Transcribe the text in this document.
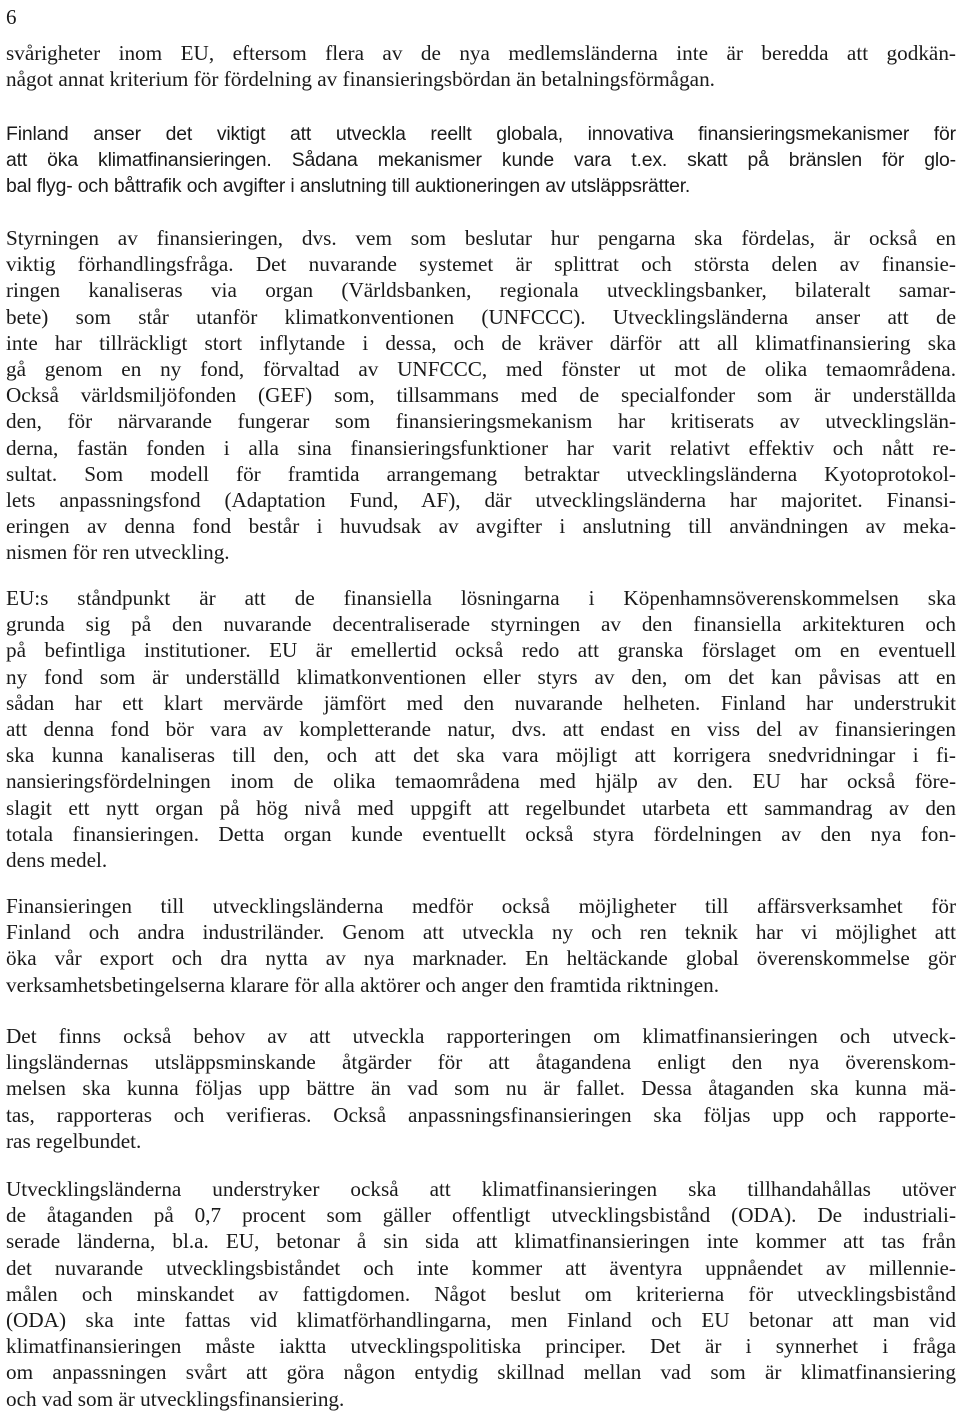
6

svårigheter inom EU, eftersom flera av de nya medlemsländerna inte är beredda att godkän-
något annat kriterium för fördelning av finansieringsbördan än betalningsförmågan.

Finland anser det viktigt att utveckla reellt globala, innovativa finansieringsmekanismer för
att öka klimatfinansieringen. Sådana mekanismer kunde vara t.ex. skatt på bränslen för glo-
bal flyg- och båttrafik och avgifter i anslutning till auktioneringen av utsläppsrätter.

Styrningen av finansieringen, dvs. vem som beslutar hur pengarna ska fördelas, är också en
viktig förhandlingsfråga. Det nuvarande systemet är splittrat och största delen av finansie-
ringen kanaliseras via organ (Världsbanken, regionala utvecklingsbanker, bilateralt samar-
bete) som står utanför klimatkonventionen (UNFCCC). Utvecklingsländerna anser att de
inte har tillräckligt stort inflytande i dessa, och de kräver därför att all klimatfinansiering ska
gå genom en ny fond, förvaltad av UNFCCC, med fönster ut mot de olika temaområdena.
Också världsmiljöfonden (GEF) som, tillsammans med de specialfonder som är underställda
den, för närvarande fungerar som finansieringsmekanism har kritiserats av utvecklingslän-
derna, fastän fonden i alla sina finansieringsfunktioner har varit relativt effektiv och nått re-
sultat. Som modell för framtida arrangemang betraktar utvecklingsländerna Kyotoprotokol-
lets anpassningsfond (Adaptation Fund, AF), där utvecklingsländerna har majoritet. Finansi-
eringen av denna fond består i huvudsak av avgifter i anslutning till användningen av meka-
nismen för ren utveckling.

EU:s ståndpunkt är att de finansiella lösningarna i Köpenhamnsöverenskommelsen ska
grunda sig på den nuvarande decentraliserade styrningen av den finansiella arkitekturen och
på befintliga institutioner. EU är emellertid också redo att granska förslaget om en eventuell
ny fond som är underställd klimatkonventionen eller styrs av den, om det kan påvisas att en
sådan har ett klart mervärde jämfört med den nuvarande helheten. Finland har understrukit
att denna fond bör vara av kompletterande natur, dvs. att endast en viss del av finansieringen
ska kunna kanaliseras till den, och att det ska vara möjligt att korrigera snedvridningar i fi-
nansieringsfördelningen inom de olika temaområdena med hjälp av den. EU har också före-
slagit ett nytt organ på hög nivå med uppgift att regelbundet utarbeta ett sammandrag av den
totala finansieringen. Detta organ kunde eventuellt också styra fördelningen av den nya fon-
dens medel.

Finansieringen till utvecklingsländerna medför också möjligheter till affärsverksamhet för
Finland och andra industriländer. Genom att utveckla ny och ren teknik har vi möjlighet att
öka vår export och dra nytta av nya marknader. En heltäckande global överenskommelse gör
verksamhetsbetingelserna klarare för alla aktörer och anger den framtida riktningen.

Det finns också behov av att utveckla rapporteringen om klimatfinansieringen och utveck-
lingsländernas utsläppsminskande åtgärder för att åtagandena enligt den nya överenskom-
melsen ska kunna följas upp bättre än vad som nu är fallet. Dessa åtaganden ska kunna mä-
tas, rapporteras och verifieras. Också anpassningsfinansieringen ska följas upp och rapporte-
ras regelbundet.

Utvecklingsländerna understryker också att klimatfinansieringen ska tillhandahållas utöver
de åtaganden på 0,7 procent som gäller offentligt utvecklingsbistånd (ODA). De industriali-
serade länderna, bl.a. EU, betonar å sin sida att klimatfinansieringen inte kommer att tas från
det nuvarande utvecklingsbiståndet och inte kommer att äventyra uppnåendet av millennie-
målen och minskandet av fattigdomen. Något beslut om kriterierna för utvecklingsbistånd
(ODA) ska inte fattas vid klimatförhandlingarna, men Finland och EU betonar att man vid
klimatfinansieringen måste iaktta utvecklingspolitiska principer. Det är i synnerhet i fråga
om anpassningen svårt att göra någon entydig skillnad mellan vad som är klimatfinansiering
och vad som är utvecklingsfinansiering.
